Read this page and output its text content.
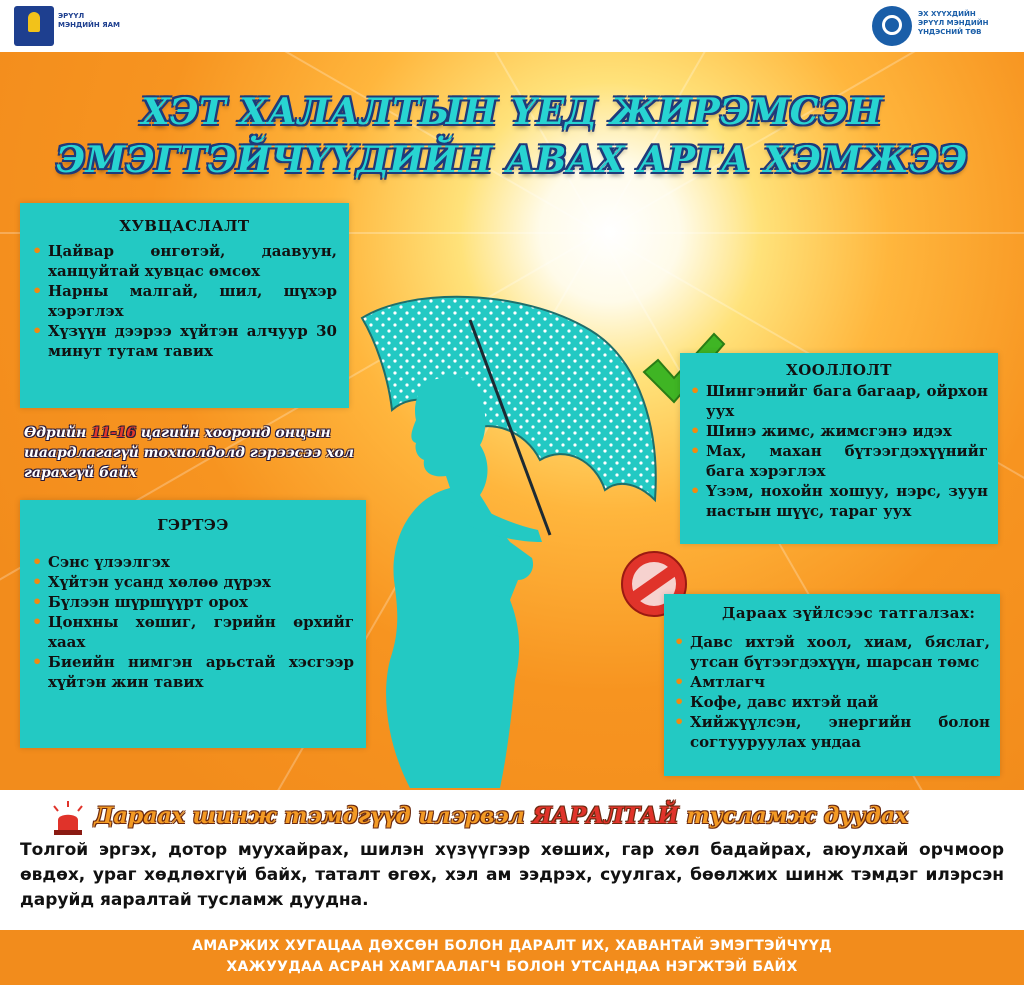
ЭРҮҮЛ
МЭНДИЙН ЯАМ
ЭХ ХҮҮХДИЙН
ЭРҮҮЛ МЭНДИЙН
ҮНДЭСНИЙ ТӨВ
ХЭТ ХАЛАЛТЫН ҮЕД ЖИРЭМСЭН
ЭМЭГТЭЙЧҮҮДИЙН АВАХ АРГА ХЭМЖЭЭ
ХУВЦАСЛАЛТ
• Цайвар өнгөтэй, даавуун, ханцуйтай хувцас өмсөх
• Нарны малгай, шил, шүхэр хэрэглэх
• Хүзүүн дээрээ хүйтэн алчуур 30 минут тутам тавих
Өдрийн 11-16 цагийн хооронд онцын шаардлагагүй тохиолдолд гэрээсээ хол гарахгүй байх
ГЭРТЭЭ
• Сэнс үлээлгэх
• Хүйтэн усанд хөлөө дүрэх
• Бүлээн шүршүүрт орох
• Цонхны хөшиг, гэрийн өрхийг хаах
• Биеийн нимгэн арьстай хэсгээр хүйтэн жин тавих
ХООЛЛОЛТ
• Шингэнийг бага багаар, ойрхон уух
• Шинэ жимс, жимсгэнэ идэх
• Мах, махан бүтээгдэхүүнийг бага хэрэглэх
• Үзэм, нохойн хошуу, нэрс, зуун настын шүүс, тараг уух
Дараах зүйлсээс татгалзах:
• Давс ихтэй хоол, хиам, бяслаг, утсан бүтээгдэхүүн, шарсан төмс
• Амтлагч
• Кофе, давс ихтэй цай
• Хийжүүлсэн, энергийн болон согтууруулах ундаа
Дараах шинж тэмдгүүд илэрвэл ЯАРАЛТАЙ тусламж дуудах
Толгой эргэх, дотор муухайрах, шилэн хүзүүгээр хөших, гар хөл бадайрах, аюулхай орчмоор өвдөх, ураг хөдлөхгүй байх, таталт өгөх, хэл ам ээдрэх, суулгах, бөөлжих шинж тэмдэг илэрсэн даруйд яаралтай тусламж дуудна.
АМАРЖИХ ХУГАЦАА ДӨХСӨН БОЛОН ДАРАЛТ ИХ, ХАВАНТАЙ ЭМЭГТЭЙЧҮҮД
ХАЖУУДАА АСРАН ХАМГААЛАГЧ БОЛОН УТСАНДАА НЭГЖТЭЙ БАЙХ
